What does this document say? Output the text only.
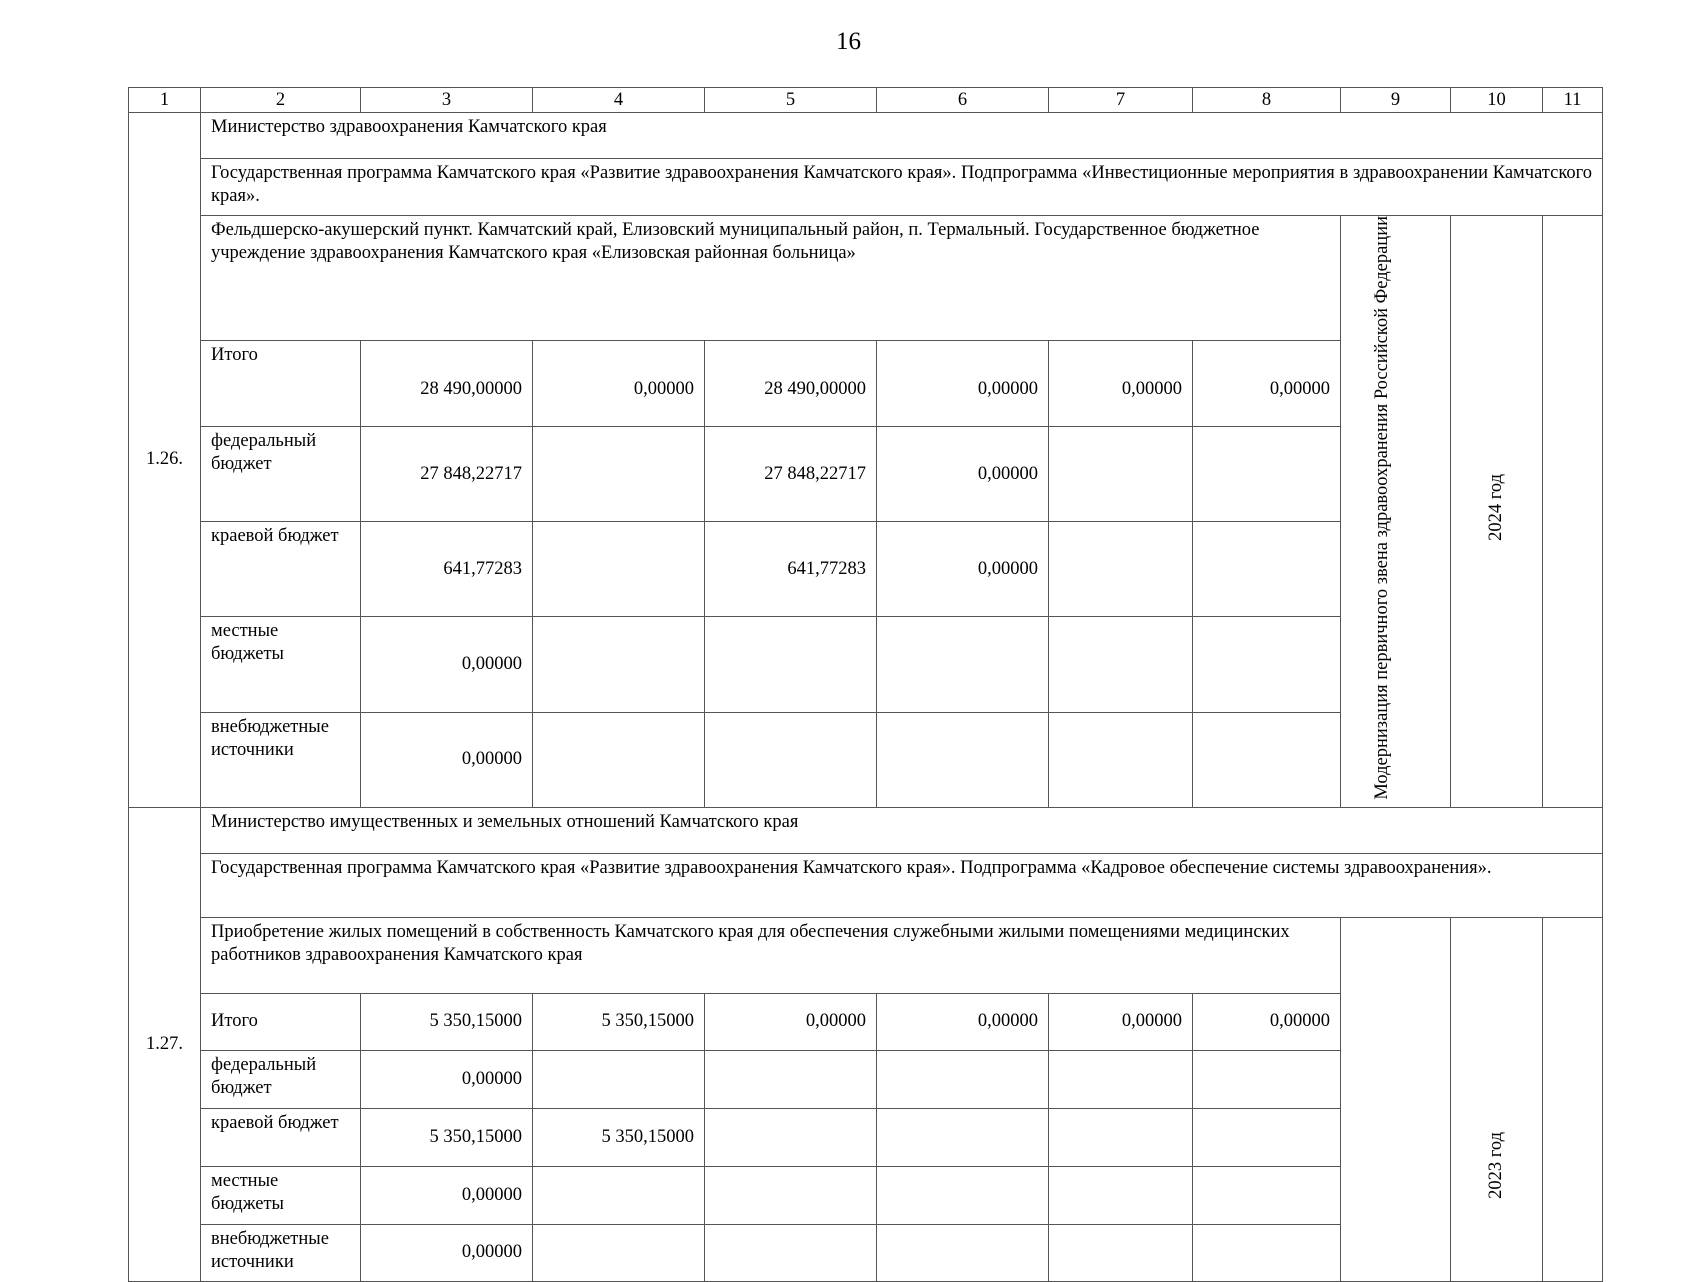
16
1	2	3	4	5	6	7	8	9	10	11
1.26.	Министерство здравоохранения Камчатского края									
	Государственная программа Камчатского края «Развитие здравоохранения Камчатского края». Подпрограмма «Инвестиционные мероприятия в здравоохранении Камчатского края».									
	Фельдшерско-акушерский пункт. Камчатский край, Елизовский муниципальный район, п. Термальный. Государственное бюджетное учреждение здравоохранения Камчатского края «Елизовская районная больница»							Модернизация первичного звена здравоохранения Российской Федерации	2024 год	
	Итого	28 490,00000	0,00000	28 490,00000	0,00000	0,00000	0,00000			
	федеральный бюджет	27 848,22717		27 848,22717	0,00000					
	краевой бюджет	641,77283		641,77283	0,00000					
	местные бюджеты	0,00000								
	внебюджетные источники	0,00000								
1.27.	Министерство имущественных и земельных отношений Камчатского края									
	Государственная программа Камчатского края «Развитие здравоохранения Камчатского края». Подпрограмма «Кадровое обеспечение системы здравоохранения».									
	Приобретение жилых помещений в собственность Камчатского края для обеспечения служебными жилыми помещениями медицинских работников здравоохранения Камчатского края								2023 год	
	Итого	5 350,15000	5 350,15000	0,00000	0,00000	0,00000	0,00000			
	федеральный бюджет	0,00000								
	краевой бюджет	5 350,15000	5 350,15000							
	местные бюджеты	0,00000								
	внебюджетные источники	0,00000								
